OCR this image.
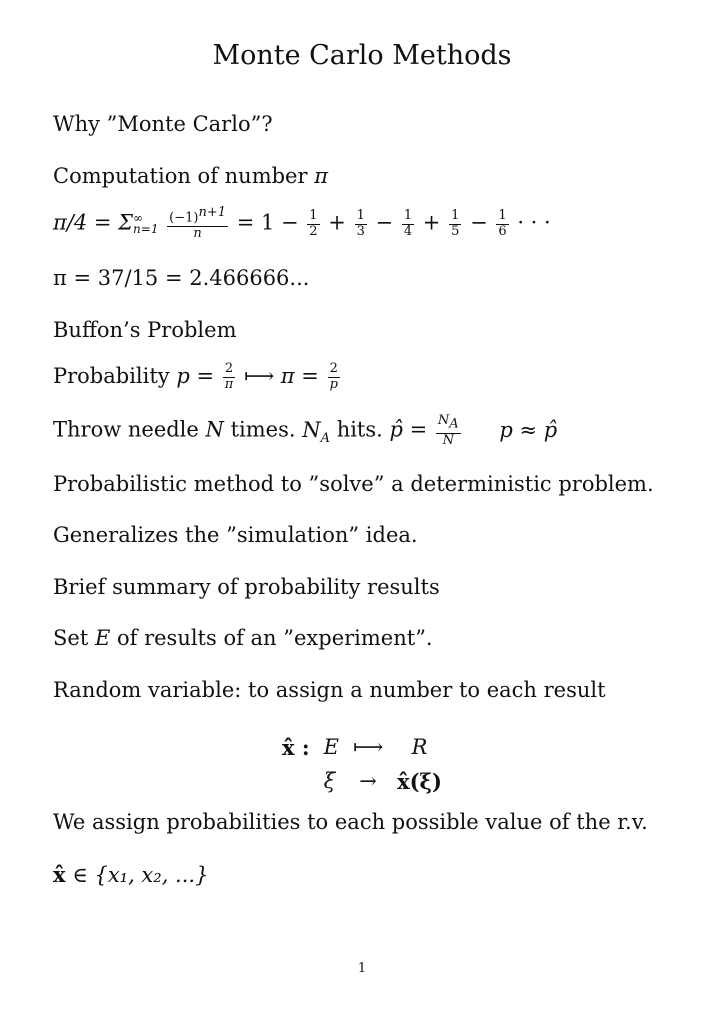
Monte Carlo Methods
Why ”Monte Carlo”?
Computation of number π
π/4 = Σ ∞
n=1
$\frac{(-1)^{n+1}}{n} = 1 - \frac{1}{2} + \frac{1}{3} - \frac{1}{4} + \frac{1}{5} - \frac{1}{6}$ · · ·
π = 37/15 = 2.466666...
Buffon’s Problem
Probability $p = \frac{2}{\pi}$ ⟼ $\pi = \frac{2}{p}$
Throw needle N times. $N_A$ hits. p̂ = $\frac{N_A}{N}$ p ≈ p̂
Probabilistic method to ”solve” a deterministic problem.
Generalizes the ”simulation” idea.
Brief summary of probability results
Set E of results of an ”experiment”.
Random variable: to assign a number to each result
x̂ :	E	⟼	R
	ξ	→	x̂(ξ)
We assign probabilities to each possible value of the r.v.
x̂ ∈ {x₁, x₂, ...}
1
